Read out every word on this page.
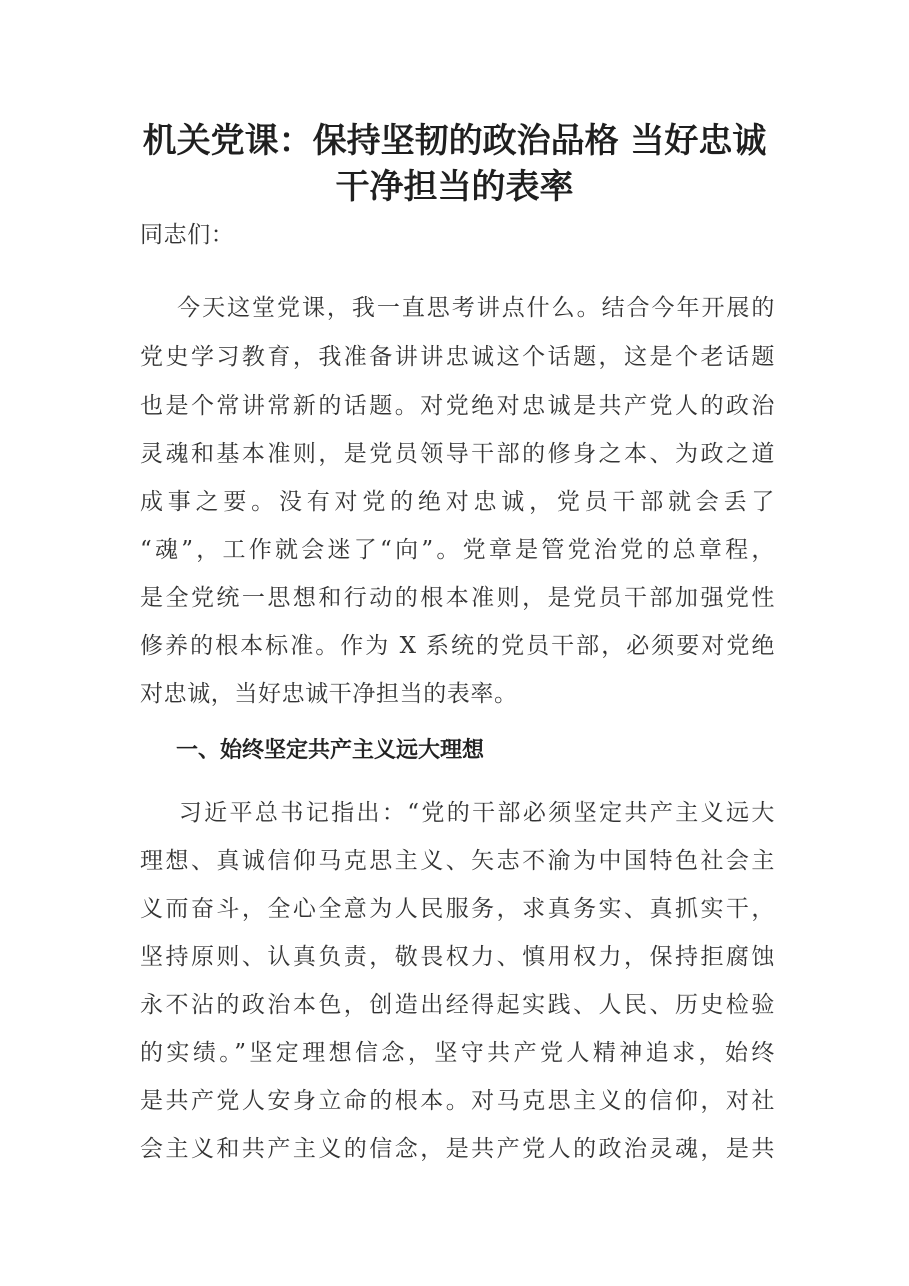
机关党课：保持坚韧的政治品格 当好忠诚
干净担当的表率
同志们：
今天这堂党课，我一直思考讲点什么。结合今年开展的
党史学习教育，我准备讲讲忠诚这个话题，这是个老话题
也是个常讲常新的话题。对党绝对忠诚是共产党人的政治
灵魂和基本准则，是党员领导干部的修身之本、为政之道
成事之要。没有对党的绝对忠诚，党员干部就会丢了
“魂”，工作就会迷了“向”。党章是管党治党的总章程，
是全党统一思想和行动的根本准则，是党员干部加强党性
修养的根本标准。作为 X 系统的党员干部，必须要对党绝
对忠诚，当好忠诚干净担当的表率。
一、始终坚定共产主义远大理想
习近平总书记指出：“党的干部必须坚定共产主义远大
理想、真诚信仰马克思主义、矢志不渝为中国特色社会主
义而奋斗，全心全意为人民服务，求真务实、真抓实干，
坚持原则、认真负责，敬畏权力、慎用权力，保持拒腐蚀
永不沾的政治本色，创造出经得起实践、人民、历史检验
的实绩。”坚定理想信念，坚守共产党人精神追求，始终
是共产党人安身立命的根本。对马克思主义的信仰，对社
会主义和共产主义的信念，是共产党人的政治灵魂，是共
